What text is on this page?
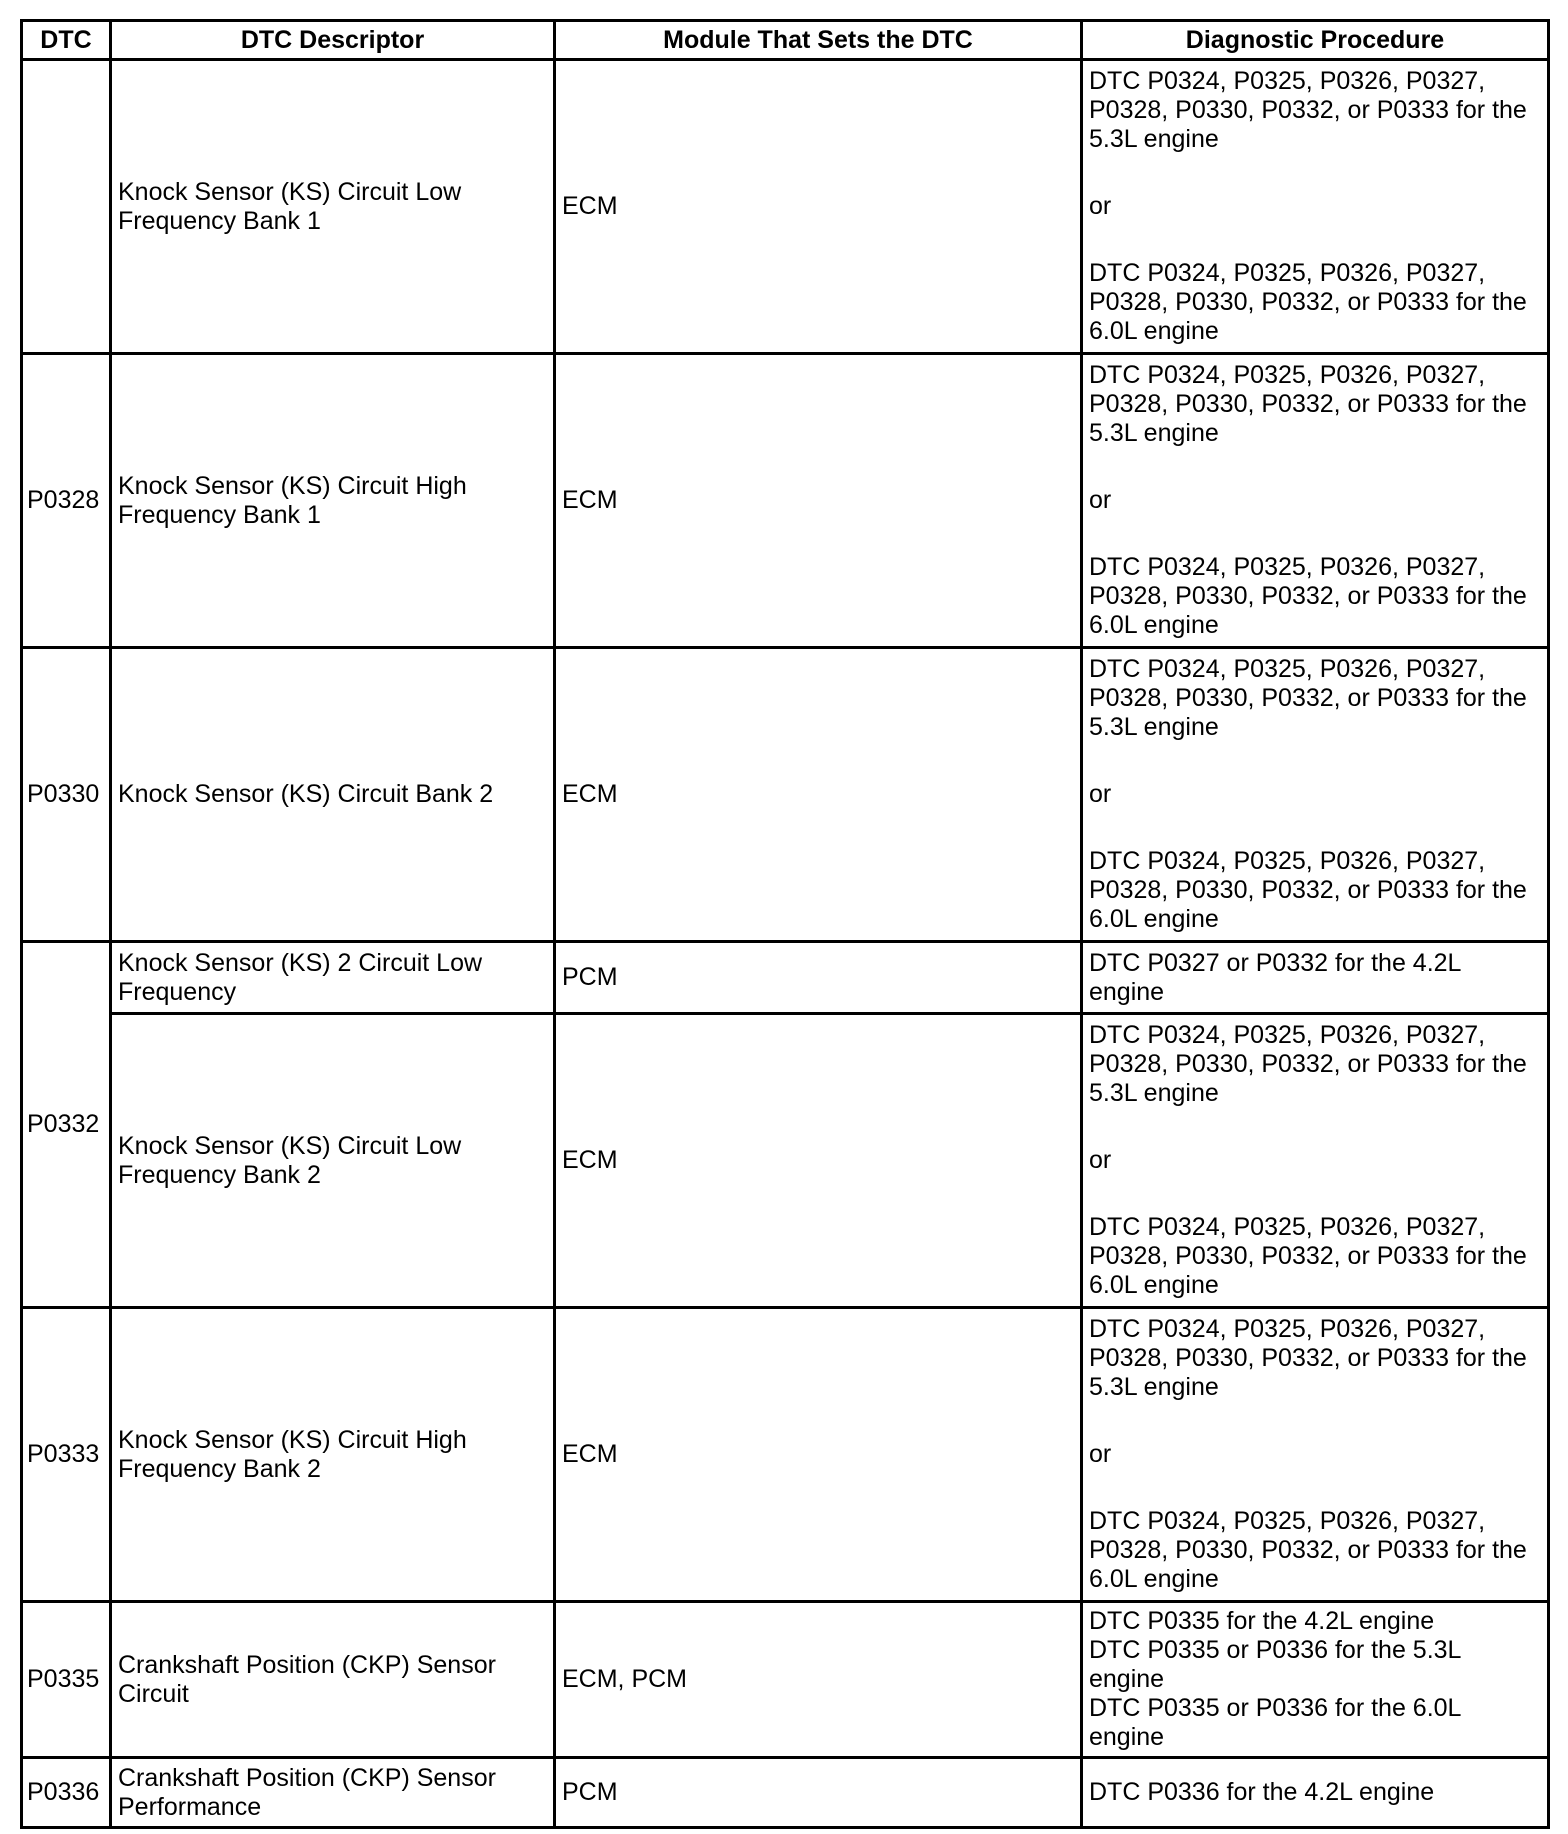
DTC	DTC Descriptor	Module That Sets the DTC	Diagnostic Procedure
	Knock Sensor (KS) Circuit Low Frequency Bank 1	ECM	DTC P0324, P0325, P0326, P0327, P0328, P0330, P0332, or P0333 for the 5.3L engine
or
DTC P0324, P0325, P0326, P0327, P0328, P0330, P0332, or P0333 for the 6.0L engine

P0328	Knock Sensor (KS) Circuit High Frequency Bank 1	ECM	DTC P0324, P0325, P0326, P0327, P0328, P0330, P0332, or P0333 for the 5.3L engine
or
DTC P0324, P0325, P0326, P0327, P0328, P0330, P0332, or P0333 for the 6.0L engine

P0330	Knock Sensor (KS) Circuit Bank 2	ECM	DTC P0324, P0325, P0326, P0327, P0328, P0330, P0332, or P0333 for the 5.3L engine
or
DTC P0324, P0325, P0326, P0327, P0328, P0330, P0332, or P0333 for the 6.0L engine

P0332	Knock Sensor (KS) 2 Circuit Low Frequency	PCM	DTC P0327 or P0332 for the 4.2L engine
	Knock Sensor (KS) Circuit Low Frequency Bank 2	ECM	DTC P0324, P0325, P0326, P0327, P0328, P0330, P0332, or P0333 for the 5.3L engine
or
DTC P0324, P0325, P0326, P0327, P0328, P0330, P0332, or P0333 for the 6.0L engine

P0333	Knock Sensor (KS) Circuit High Frequency Bank 2	ECM	DTC P0324, P0325, P0326, P0327, P0328, P0330, P0332, or P0333 for the 5.3L engine
or
DTC P0324, P0325, P0326, P0327, P0328, P0330, P0332, or P0333 for the 6.0L engine

P0335	Crankshaft Position (CKP) Sensor Circuit	ECM, PCM	DTC P0335 for the 4.2L engine
DTC P0335 or P0336 for the 5.3L engine
DTC P0335 or P0336 for the 6.0L engine

P0336	Crankshaft Position (CKP) Sensor Performance	PCM	DTC P0336 for the 4.2L engine
